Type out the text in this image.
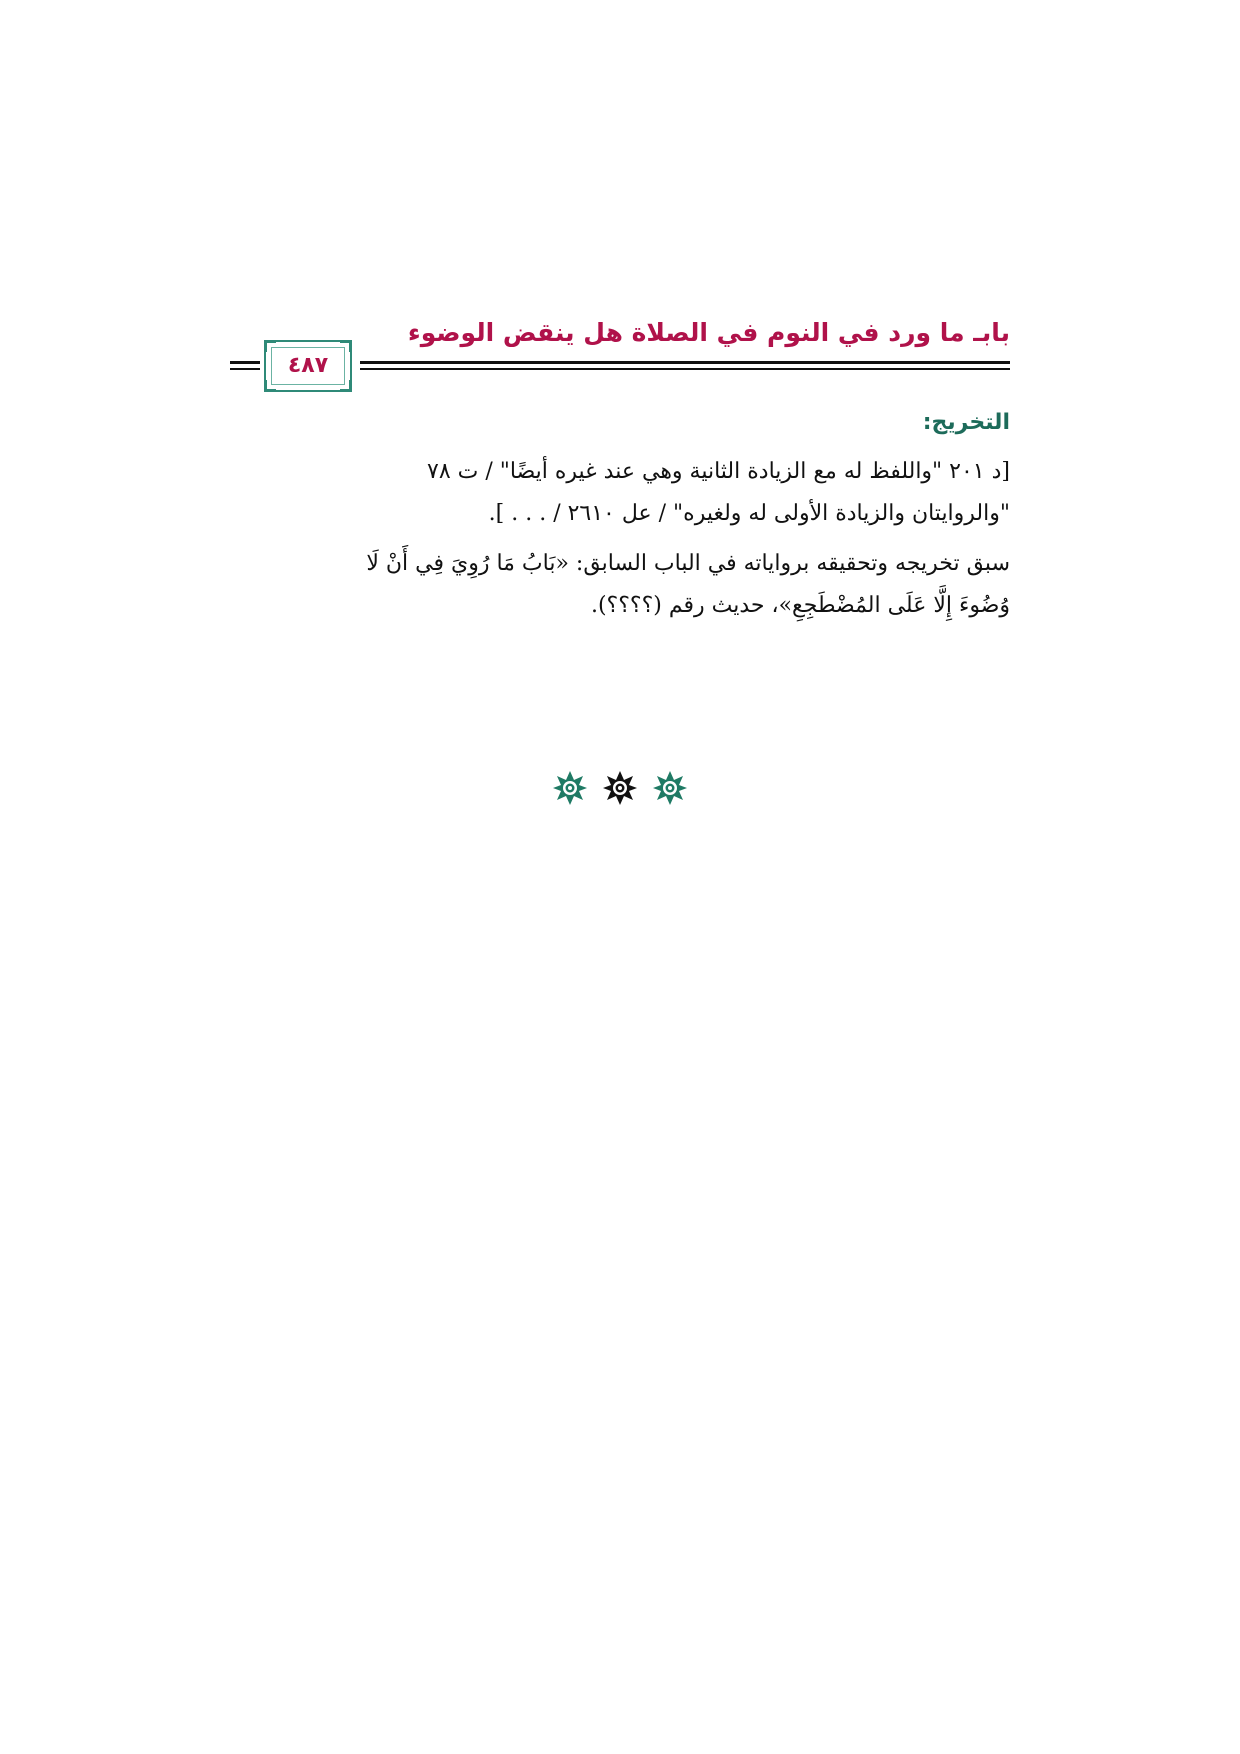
بابـ ما ورد في النوم في الصلاة هل ينقض الوضوء
٤٨٧
التخريج:

[د ٢٠١ "واللفظ له مع الزيادة الثانية وهي عند غيره أيضًا" / ت ٧٨
"والروايتان والزيادة الأولى له ولغيره" / عل ٢٦١٠ / . . . ].

سبق تخريجه وتحقيقه برواياته في الباب السابق: «بَابُ مَا رُوِيَ فِي أَنْ لَا
وُضُوءَ إِلَّا عَلَى المُضْطَجِعِ»، حديث رقم (؟؟؟؟).
